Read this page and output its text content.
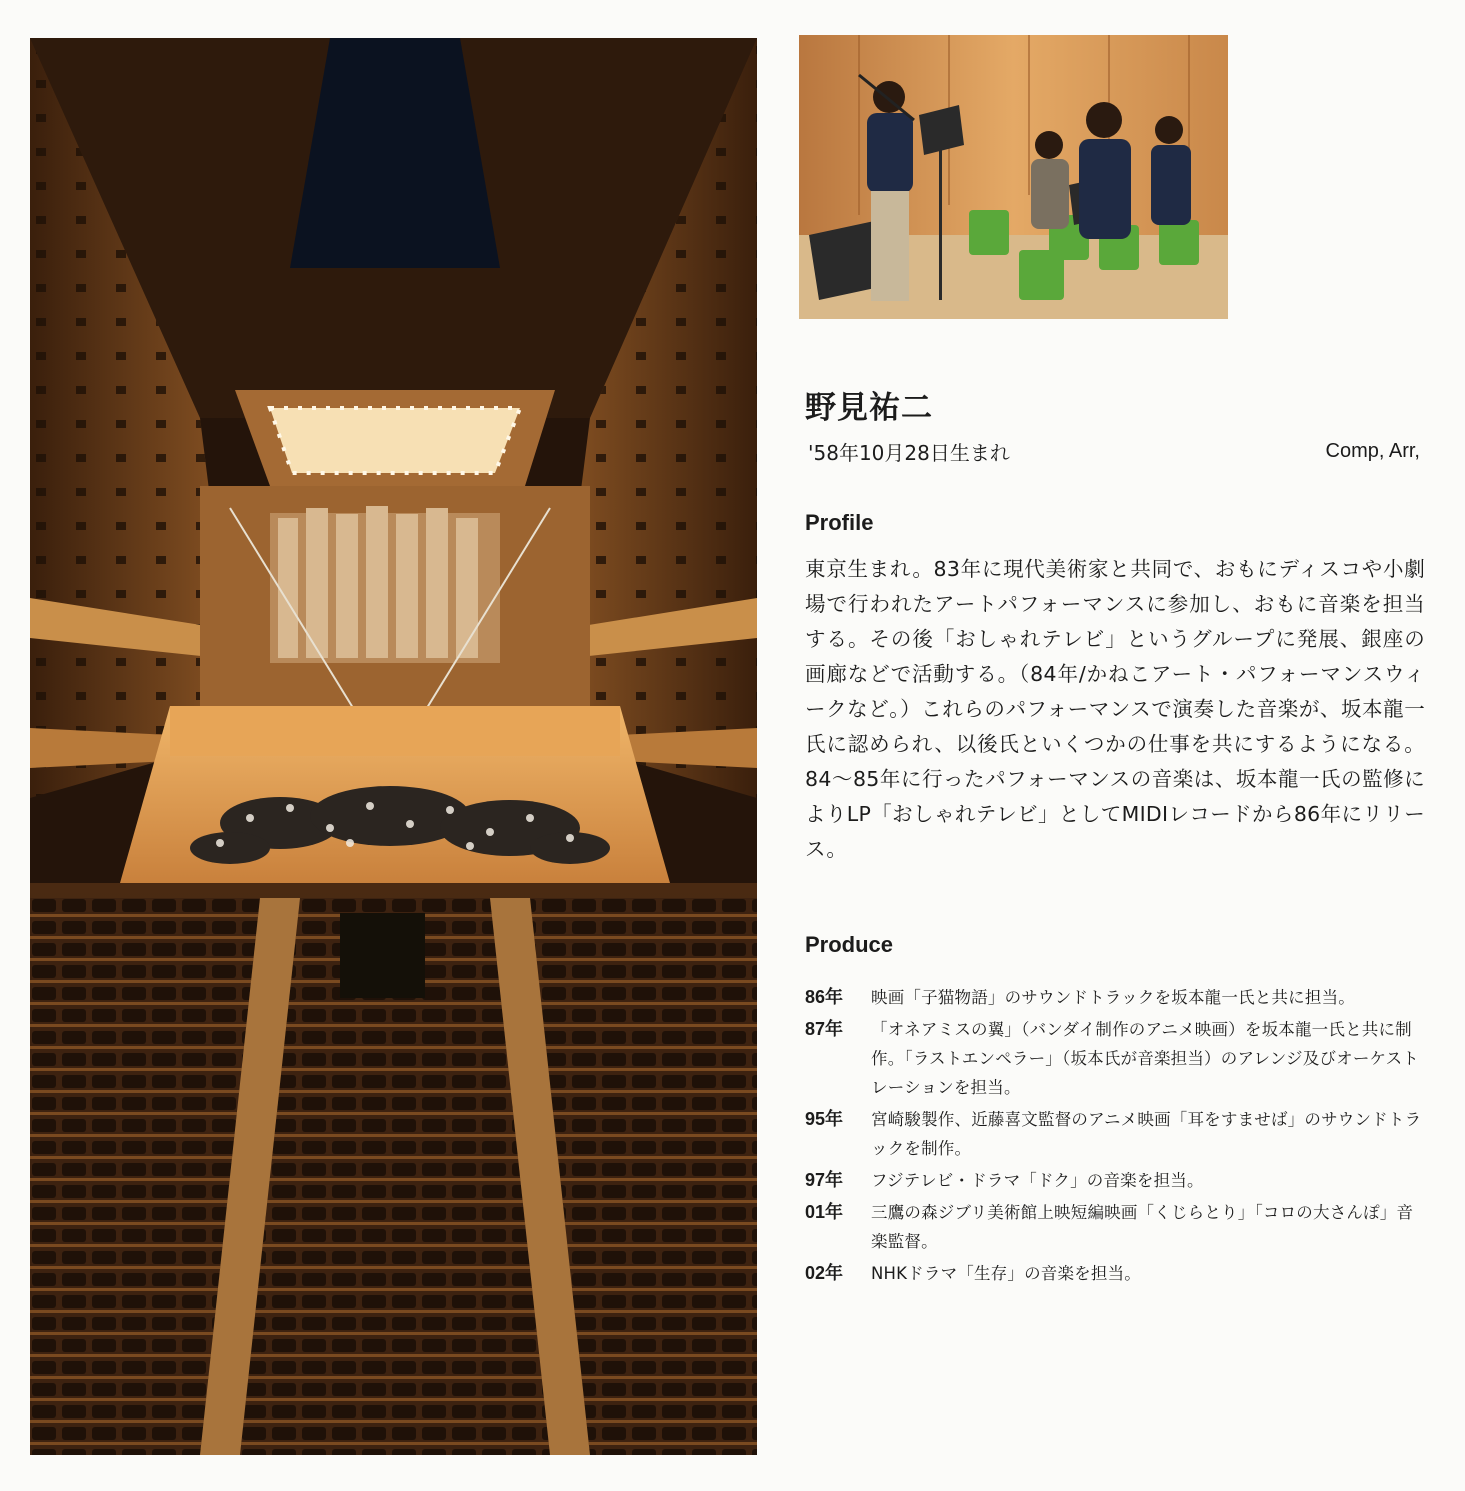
野見祐二
'58年10月28日生まれ	Comp, Arr,
Profile

東京生まれ。83年に現代美術家と共同で、おもにディスコや小劇場で行われたアートパフォーマンスに参加し、おもに音楽を担当する。その後「おしゃれテレビ」というグループに発展、銀座の画廊などで活動する。（84年/かねこアート・パフォーマンスウィークなど。）これらのパフォーマンスで演奏した音楽が、坂本龍一氏に認められ、以後氏といくつかの仕事を共にするようになる。84～85年に行ったパフォーマンスの音楽は、坂本龍一氏の監修によりLP「おしゃれテレビ」としてMIDIレコードから86年にリリース。

Produce
86年	映画「子猫物語」のサウンドトラックを坂本龍一氏と共に担当。
87年	「オネアミスの翼」（バンダイ制作のアニメ映画）を坂本龍一氏と共に制作。「ラストエンペラー」（坂本氏が音楽担当）のアレンジ及びオーケストレーションを担当。
95年	宮崎駿製作、近藤喜文監督のアニメ映画「耳をすませば」のサウンドトラックを制作。
97年	フジテレビ・ドラマ「ドク」の音楽を担当。
01年	三鷹の森ジブリ美術館上映短編映画「くじらとり」「コロの大さんぽ」音楽監督。
02年	NHKドラマ「生存」の音楽を担当。
